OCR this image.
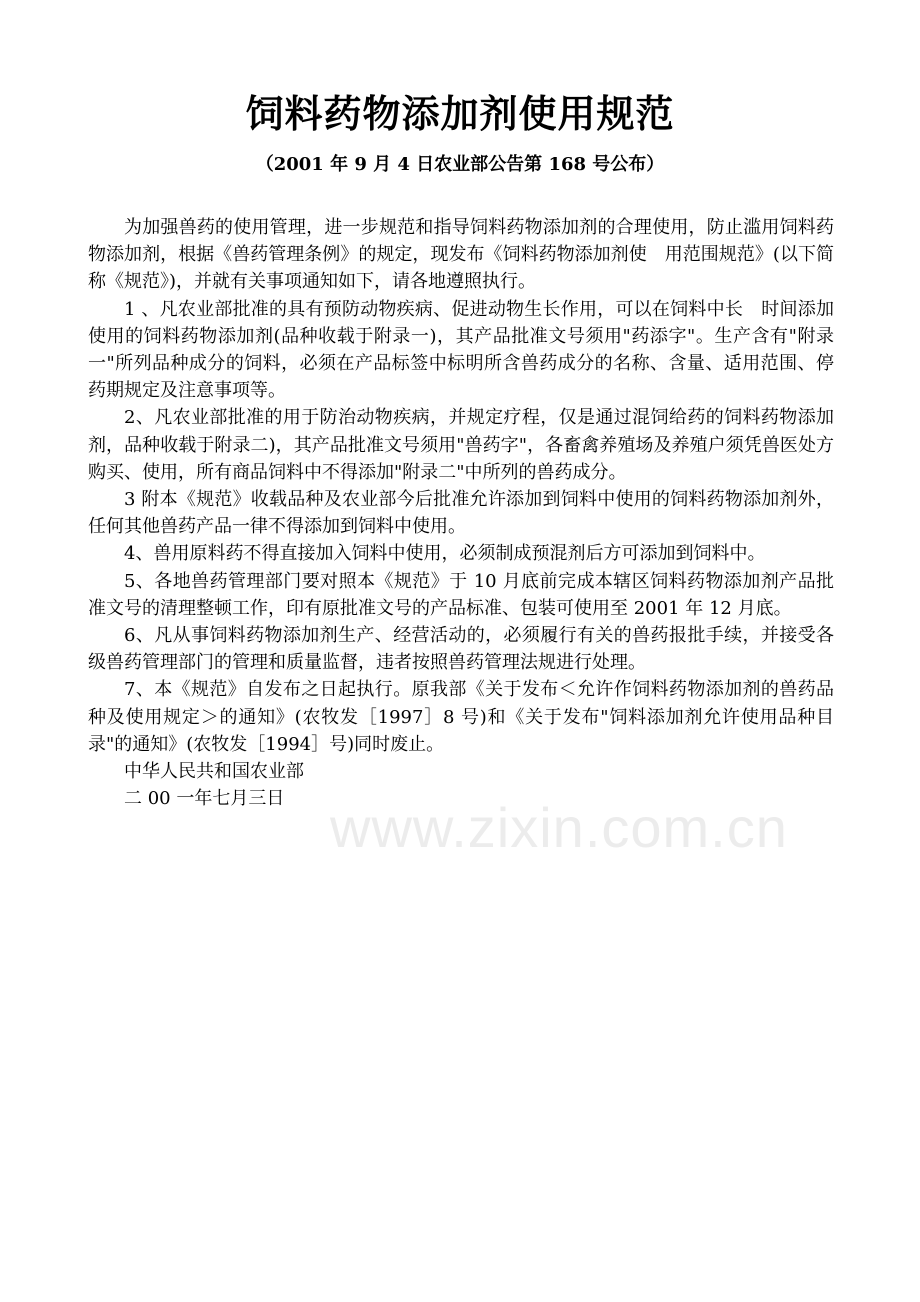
饲料药物添加剂使用规范
（2001 年 9 月 4 日农业部公告第 168 号公布）

为加强兽药的使用管理，进一步规范和指导饲料药物添加剂的合理使用，防止滥用饲料药物添加剂，根据《兽药管理条例》的规定，现发布《饲料药物添加剂使　用范围规范》(以下简称《规范》)，并就有关事项通知如下，请各地遵照执行。

1 、凡农业部批准的具有预防动物疾病、促进动物生长作用，可以在饲料中长　时间添加使用的饲料药物添加剂(品种收载于附录一)，其产品批准文号须用"药添字"。生产含有"附录一"所列品种成分的饲料，必须在产品标签中标明所含兽药成分的名称、含量、适用范围、停药期规定及注意事项等。

2、凡农业部批准的用于防治动物疾病，并规定疗程，仅是通过混饲给药的饲料药物添加剂，品种收载于附录二)，其产品批准文号须用"兽药字"，各畜禽养殖场及养殖户须凭兽医处方购买、使用，所有商品饲料中不得添加"附录二"中所列的兽药成分。

3 附本《规范》收载品种及农业部今后批准允许添加到饲料中使用的饲料药物添加剂外，任何其他兽药产品一律不得添加到饲料中使用。

4、兽用原料药不得直接加入饲料中使用，必须制成预混剂后方可添加到饲料中。

5、各地兽药管理部门要对照本《规范》于 10 月底前完成本辖区饲料药物添加剂产品批准文号的清理整顿工作，印有原批准文号的产品标准、包装可使用至 2001 年 12 月底。

6、凡从事饲料药物添加剂生产、经营活动的，必须履行有关的兽药报批手续，并接受各级兽药管理部门的管理和质量监督，违者按照兽药管理法规进行处理。

7、本《规范》自发布之日起执行。原我部《关于发布＜允许作饲料药物添加剂的兽药品种及使用规定＞的通知》(农牧发［1997］8 号)和《关于发布"饲料添加剂允许使用品种目录"的通知》(农牧发［1994］号)同时废止。

中华人民共和国农业部

二 00 一年七月三日 www.zixin.com.cn
